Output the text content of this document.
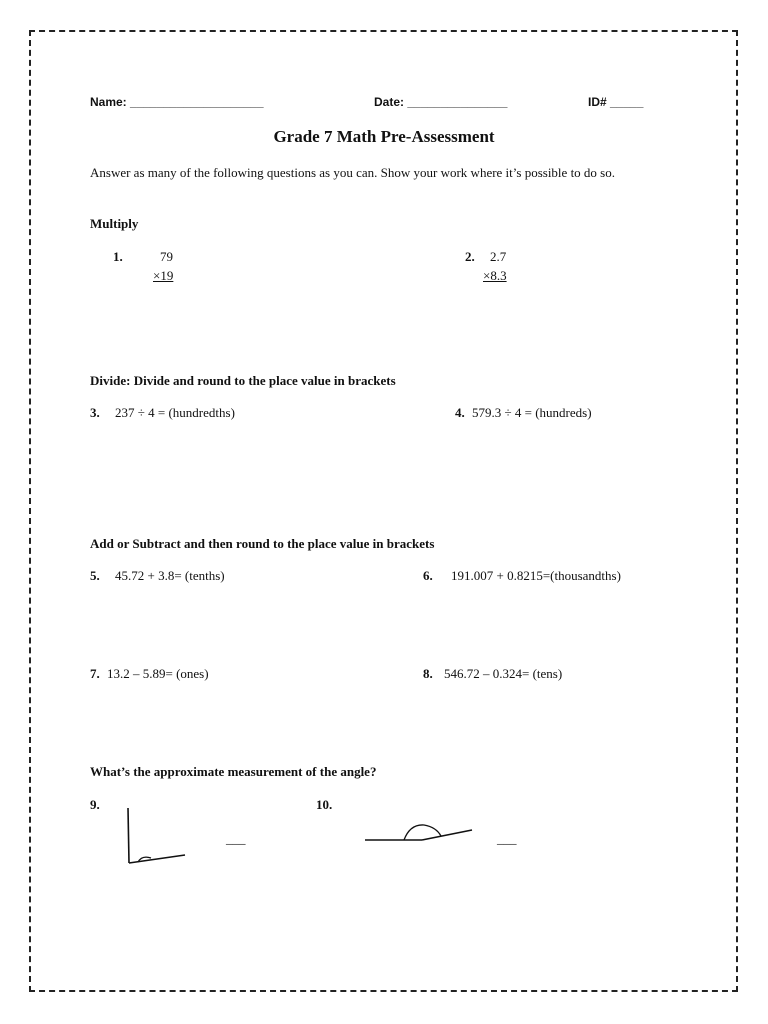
Name: ____________________	Date: _______________	ID# _____
Grade 7 Math Pre-Assessment
Answer as many of the following questions as you can. Show your work where it’s possible to do so.
Multiply
1.	79
×19
2. 2.7
×8.3
Divide: Divide and round to the place value in brackets
3. 237 ÷ 4 = (hundredths)	4. 579.3 ÷ 4 = (hundreds)
Add or Subtract and then round to the place value in brackets
5. 45.72 + 3.8= (tenths)	6. 191.007 + 0.8215=(thousandths)
7. 13.2 – 5.89= (ones)	8. 546.72 – 0.324= (tens)
What’s the approximate measurement of the angle?
9.
___
10.
___
